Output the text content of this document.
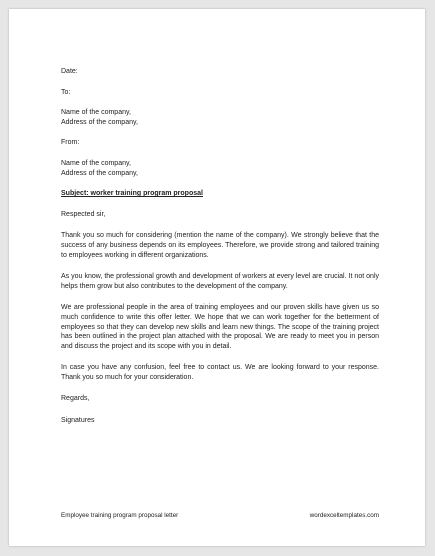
Date:
To:
Name of the company,
Address of the company,
From:
Name of the company,
Address of the company,
Subject: worker training program proposal
Respected sir,
Thank you so much for considering (mention the name of the company). We strongly believe that the success of any business depends on its employees. Therefore, we provide strong and tailored training to employees working in different organizations.
As you know, the professional growth and development of workers at every level are crucial. It not only helps them grow but also contributes to the development of the company.
We are professional people in the area of training employees and our proven skills have given us so much confidence to write this offer letter. We hope that we can work together for the betterment of employees so that they can develop new skills and learn new things. The scope of the training project has been outlined in the project plan attached with the proposal. We are ready to meet you in person and discuss the project and its scope with you in detail.
In case you have any confusion, feel free to contact us. We are looking forward to your response. Thank you so much for your consideration.
Regards,
Signatures
Employee training program proposal letter	wordexceltemplates.com
